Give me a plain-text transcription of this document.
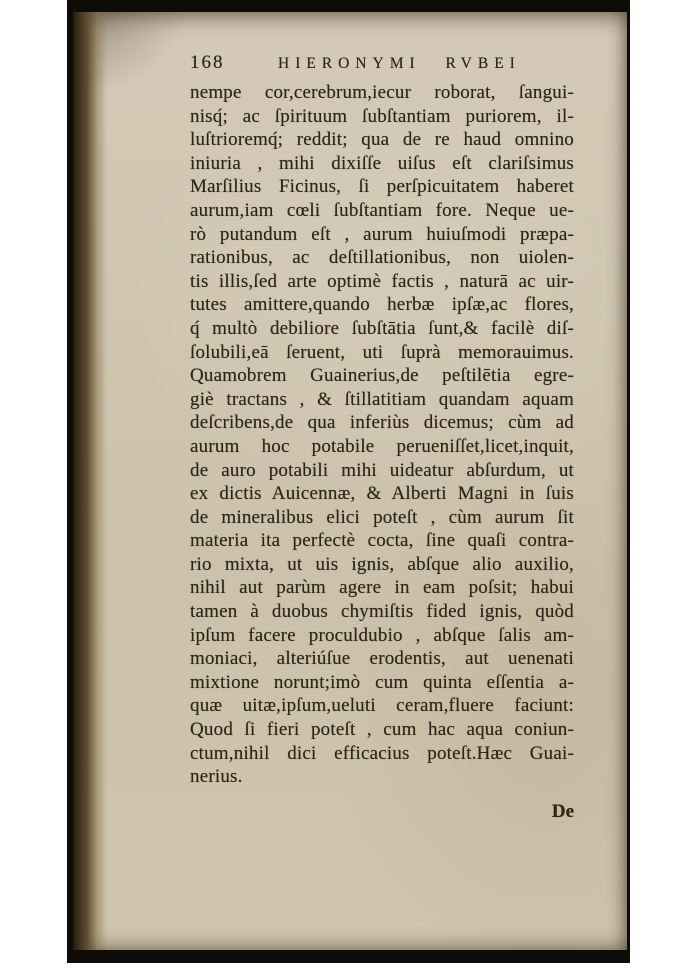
168	HIERONYMI RVBEI
nempe cor,cerebrum,iecur roborat, ſangui-
nisq́; ac ſpirituum ſubſtantiam puriorem, il-
luſtrioremq́; reddit; qua de re haud omnino
iniuria , mihi dixiſſe uiſus eſt clariſsimus
Marſilius Ficinus, ſi perſpicuitatem haberet
aurum,iam cœli ſubſtantiam fore. Neque ue-
rò putandum eſt , aurum huiuſmodi præpa-
rationibus, ac deſtillationibus, non uiolen-
tis illis,ſed arte optimè factis , naturā ac uir-
tutes amittere,quando herbæ ipſæ,ac flores,
q́ multò debiliore ſubſtātia ſunt,& facilè diſ-
ſolubili,eā ſeruent, uti ſuprà memorauimus.
Quamobrem Guainerius,de peſtilētia egre-
giè tractans , & ſtillatitiam quandam aquam
deſcribens,de qua inferiùs dicemus; cùm ad
aurum hoc potabile perueniſſet,licet,inquit,
de auro potabili mihi uideatur abſurdum, ut
ex dictis Auicennæ, & Alberti Magni in ſuis
de mineralibus elici poteſt , cùm aurum ſit
materia ita perfectè cocta, ſine quaſi contra-
rio mixta, ut uis ignis, abſque alio auxilio,
nihil aut parùm agere in eam poſsit; habui
tamen à duobus chymiſtis fided ignis, quòd
ipſum facere proculdubio , abſque ſalis am-
moniaci, alteriúſue erodentis, aut uenenati
mixtione norunt;imò cum quinta eſſentia a-
quæ uitæ,ipſum,ueluti ceram,fluere faciunt:
Quod ſi fieri poteſt , cum hac aqua coniun-
ctum,nihil dici efficacius poteſt.Hæc Guai-
nerius.
De
